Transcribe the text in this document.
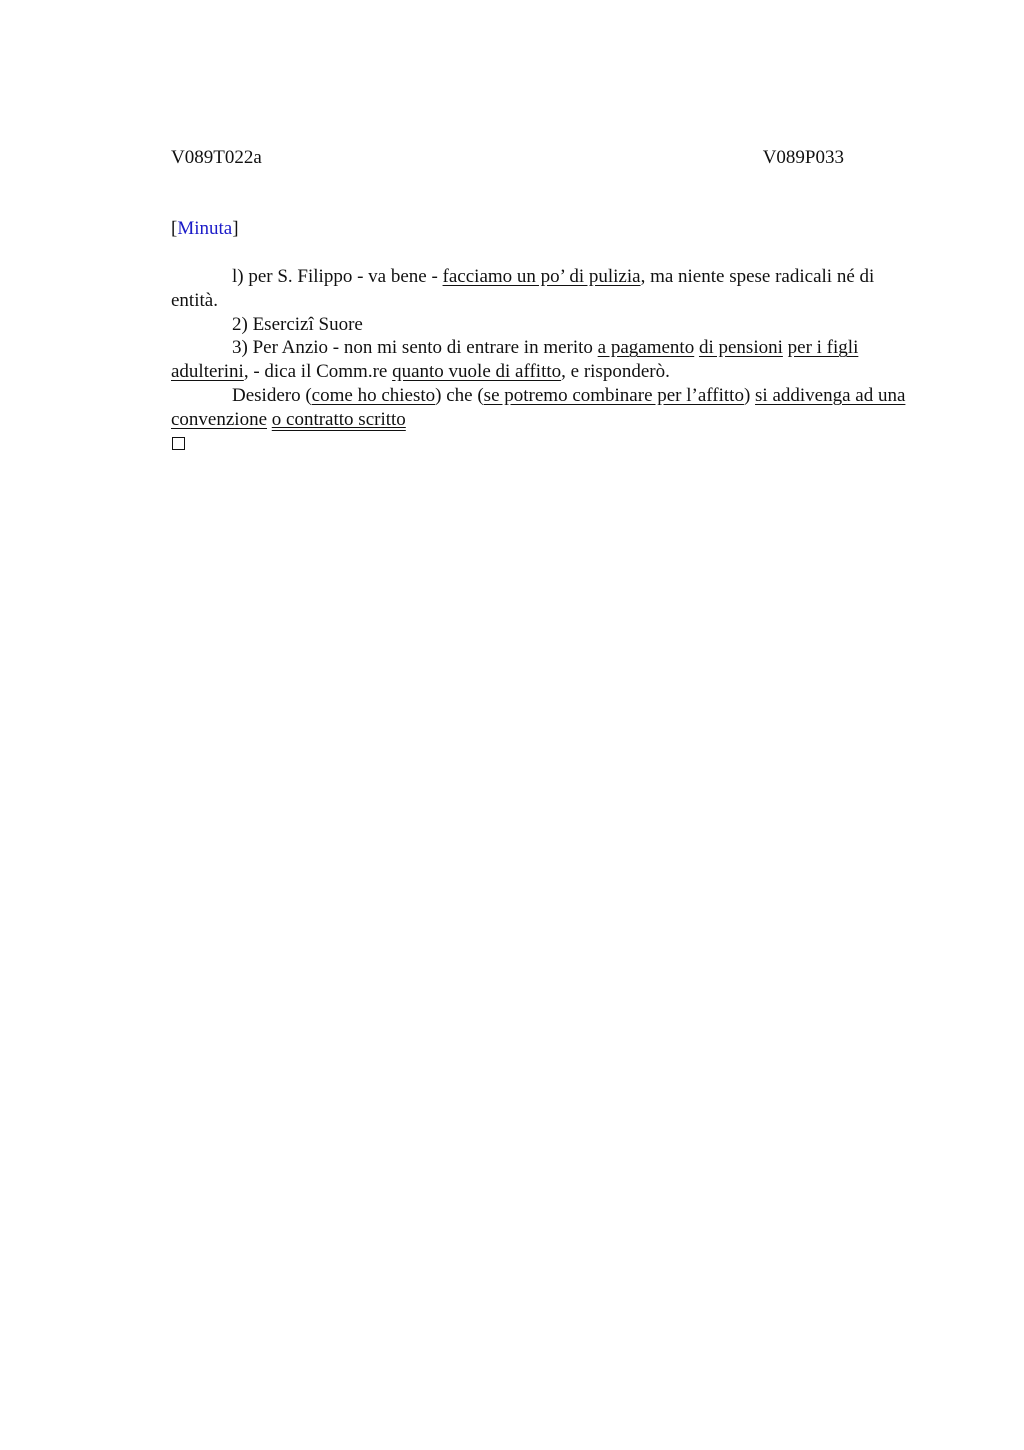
V089T022a	V089P033
[Minuta]

l) per S. Filippo - va bene - facciamo un po’ di pulizia, ma niente spese radicali né di entità.

2) Esercizi Suore

3) Per Anzio - non mi sento di entrare in merito a pagamento di pensioni per i figli adulterini, - dica il Comm.re quanto vuole di affitto, e risponderò.

Desidero (come ho chiesto) che (se potremo combinare per l’affitto) si addivenga ad una convenzione o contratto scritto
